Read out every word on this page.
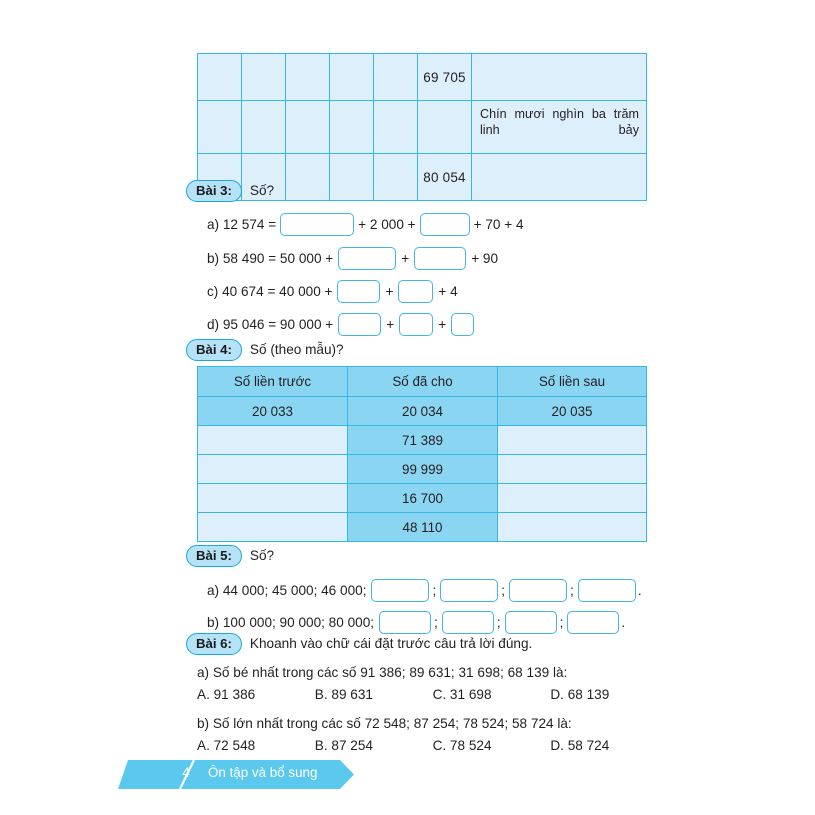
					69 705	
						Chín mươi nghìn ba trăm linh bảy
					80 054	
Bài 3:	Số?
a) 12 574 =	+ 2 000 +	+ 70 + 4
b) 58 490 = 50 000 +	+	+ 90
c) 40 674 = 40 000 +	+	+ 4
d) 95 046 = 90 000 +	+	+
Bài 4:	Số (theo mẫu)?
Số liền trước	Số đã cho	Số liền sau
20 033	20 034	20 035
	71 389	
	99 999	
	16 700	
	48 110	
Bài 5:	Số?
a) 44 000; 45 000; 46 000;	;	;	;	.
b) 100 000; 90 000; 80 000;	;	;	;	.
Bài 6:	Khoanh vào chữ cái đặt trước câu trả lời đúng.
a) Số bé nhất trong các số 91 386; 89 631; 31 698; 68 139 là:
A. 91 386	B. 89 631	C. 31 698	D. 68 139
b) Số lớn nhất trong các số 72 548; 87 254; 78 524; 58 724 là:
A. 72 548	B. 87 254	C. 78 524	D. 58 724
4	Ôn tập và bổ sung
